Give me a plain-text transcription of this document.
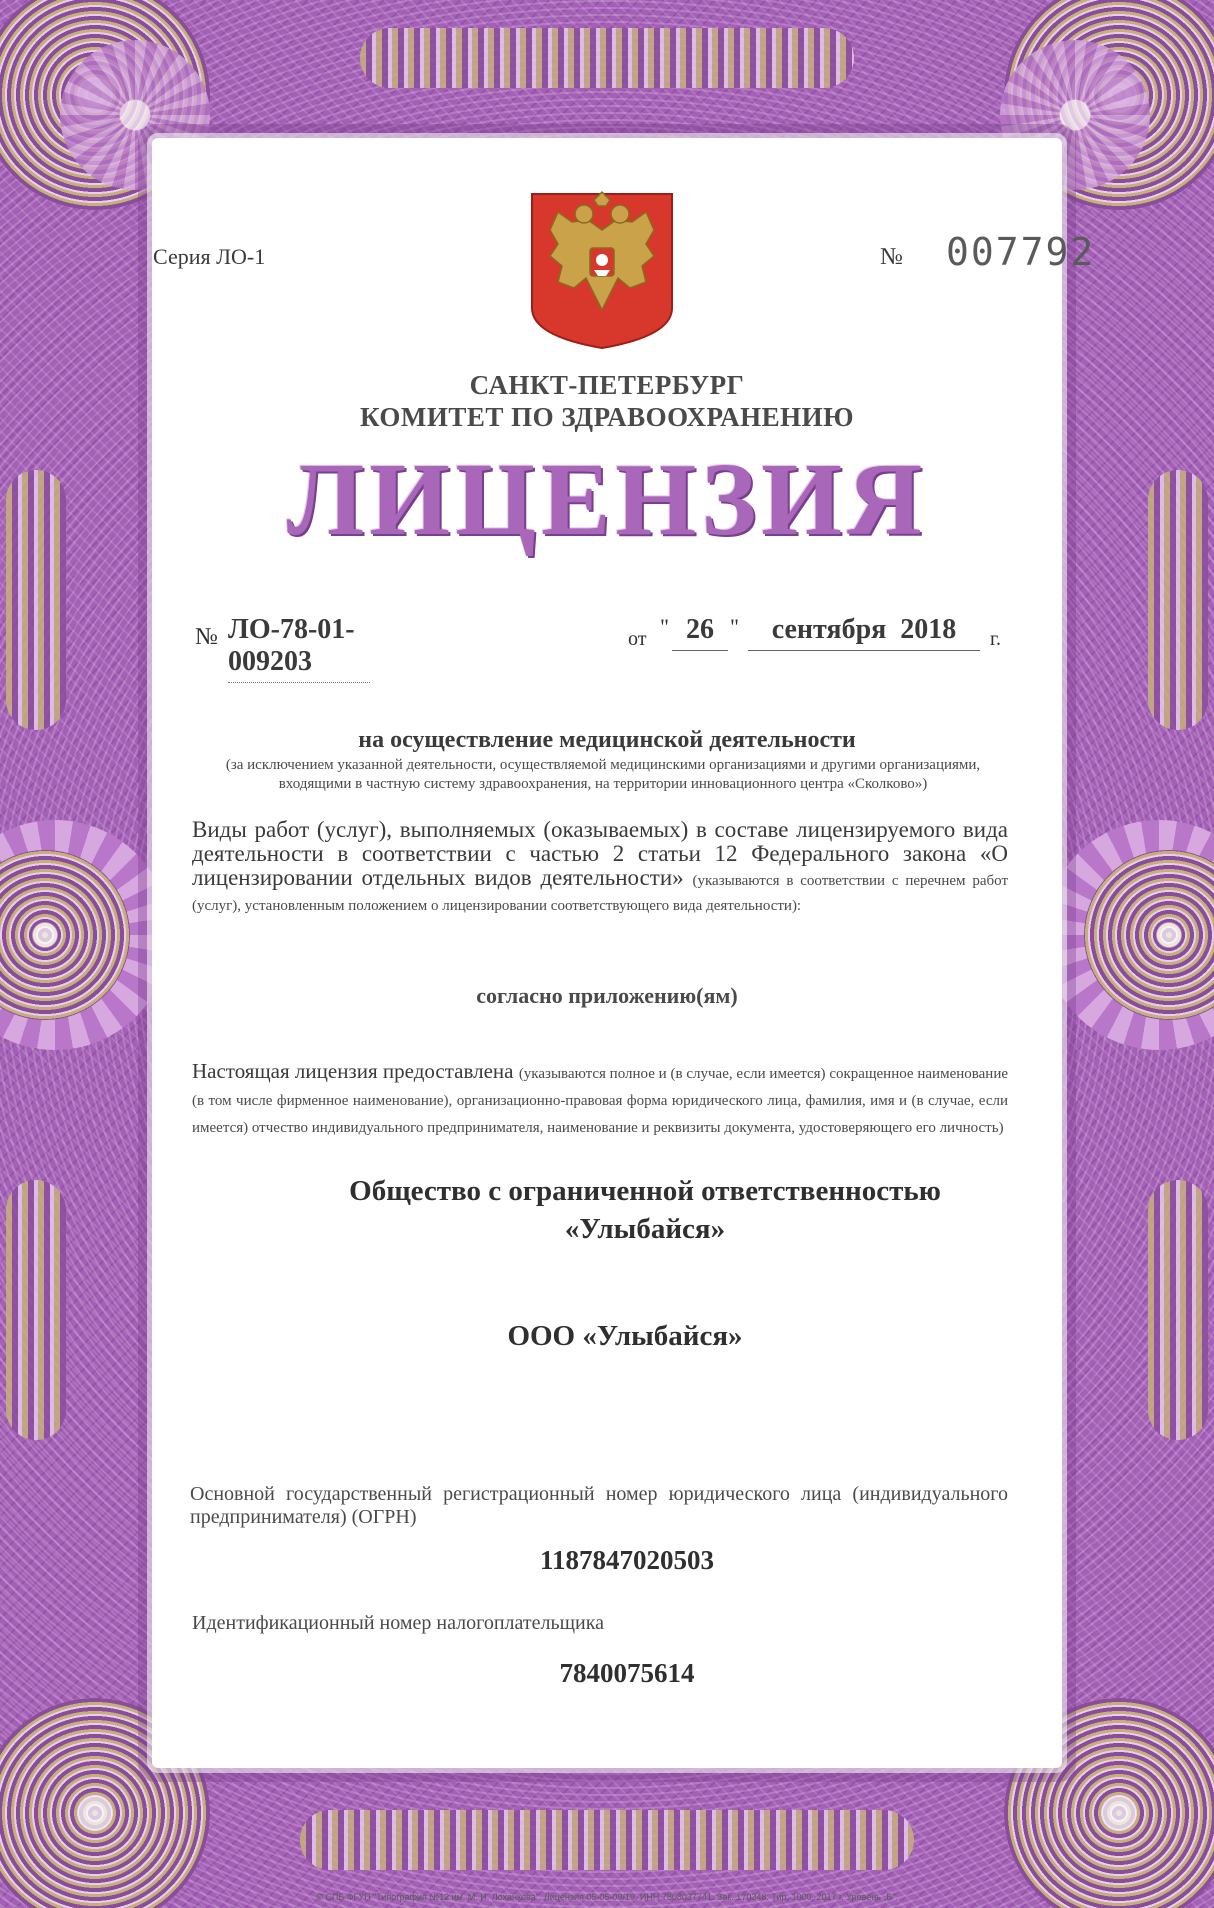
Серия ЛО-1	№ 007792
САНКТ-ПЕТЕРБУРГ
КОМИТЕТ ПО ЗДРАВООХРАНЕНИЮ
ЛИЦЕНЗИЯ
№ ЛО-78-01-009203
от " 26 "	сентября 2018	г.
на осуществление медицинской деятельности
(за исключением указанной деятельности, осуществляемой медицинскими организациями и другими организациями, входящими в частную систему здравоохранения, на территории инновационного центра «Сколково»)
Виды работ (услуг), выполняемых (оказываемых) в составе лицензируемого вида деятельности в соответствии с частью 2 статьи 12 Федерального закона «О лицензировании отдельных видов деятельности» (указываются в соответствии с перечнем работ (услуг), установленным положением о лицензировании соответствующего вида деятельности):
согласно приложению(ям)
Настоящая лицензия предоставлена (указываются полное и (в случае, если имеется) сокращенное наименование (в том числе фирменное наименование), организационно-правовая форма юридического лица, фамилия, имя и (в случае, если имеется) отчество индивидуального предпринимателя, наименование и реквизиты документа, удостоверяющего его личность)
Общество с ограниченной ответственностью
«Улыбайся»
ООО «Улыбайся»
Основной государственный регистрационный номер юридического лица (индивидуального предпринимателя) (ОГРН)
1187847020503
Идентификационный номер налогоплательщика
7840075614
© СПБ ФГУП "Типография №12 им. М. И. Лоханкова". Лицензия 05-05-09/19. ИНН 7808037741. Зак. 170348. Тир. 1000. 2017 г. Уровень „Б“.
